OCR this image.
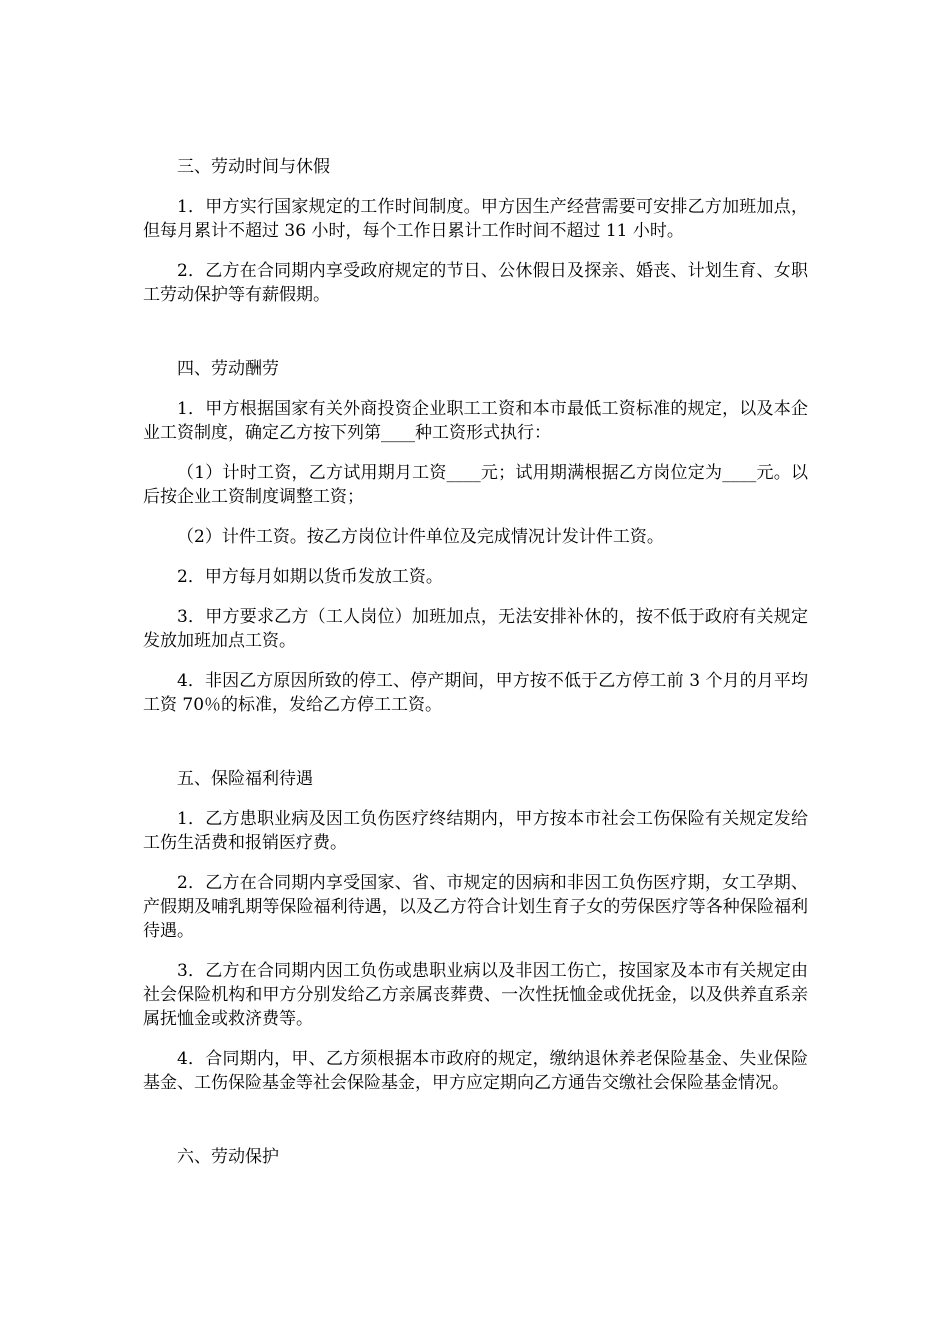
三、劳动时间与休假

1．甲方实行国家规定的工作时间制度。甲方因生产经营需要可安排乙方加班加点，但每月累计不超过 36 小时，每个工作日累计工作时间不超过 11 小时。

2．乙方在合同期内享受政府规定的节日、公休假日及探亲、婚丧、计划生育、女职工劳动保护等有薪假期。

四、劳动酬劳

1．甲方根据国家有关外商投资企业职工工资和本市最低工资标准的规定，以及本企业工资制度，确定乙方按下列第____种工资形式执行：

（1）计时工资，乙方试用期月工资____元；试用期满根据乙方岗位定为____元。以后按企业工资制度调整工资；

（2）计件工资。按乙方岗位计件单位及完成情况计发计件工资。

2．甲方每月如期以货币发放工资。

3．甲方要求乙方（工人岗位）加班加点，无法安排补休的，按不低于政府有关规定发放加班加点工资。

4．非因乙方原因所致的停工、停产期间，甲方按不低于乙方停工前 3 个月的月平均工资 70％的标准，发给乙方停工工资。

五、保险福利待遇

1．乙方患职业病及因工负伤医疗终结期内，甲方按本市社会工伤保险有关规定发给工伤生活费和报销医疗费。

2．乙方在合同期内享受国家、省、市规定的因病和非因工负伤医疗期，女工孕期、产假期及哺乳期等保险福利待遇，以及乙方符合计划生育子女的劳保医疗等各种保险福利待遇。

3．乙方在合同期内因工负伤或患职业病以及非因工伤亡，按国家及本市有关规定由社会保险机构和甲方分别发给乙方亲属丧葬费、一次性抚恤金或优抚金，以及供养直系亲属抚恤金或救济费等。

4．合同期内，甲、乙方须根据本市政府的规定，缴纳退休养老保险基金、失业保险基金、工伤保险基金等社会保险基金，甲方应定期向乙方通告交缴社会保险基金情况。

六、劳动保护
